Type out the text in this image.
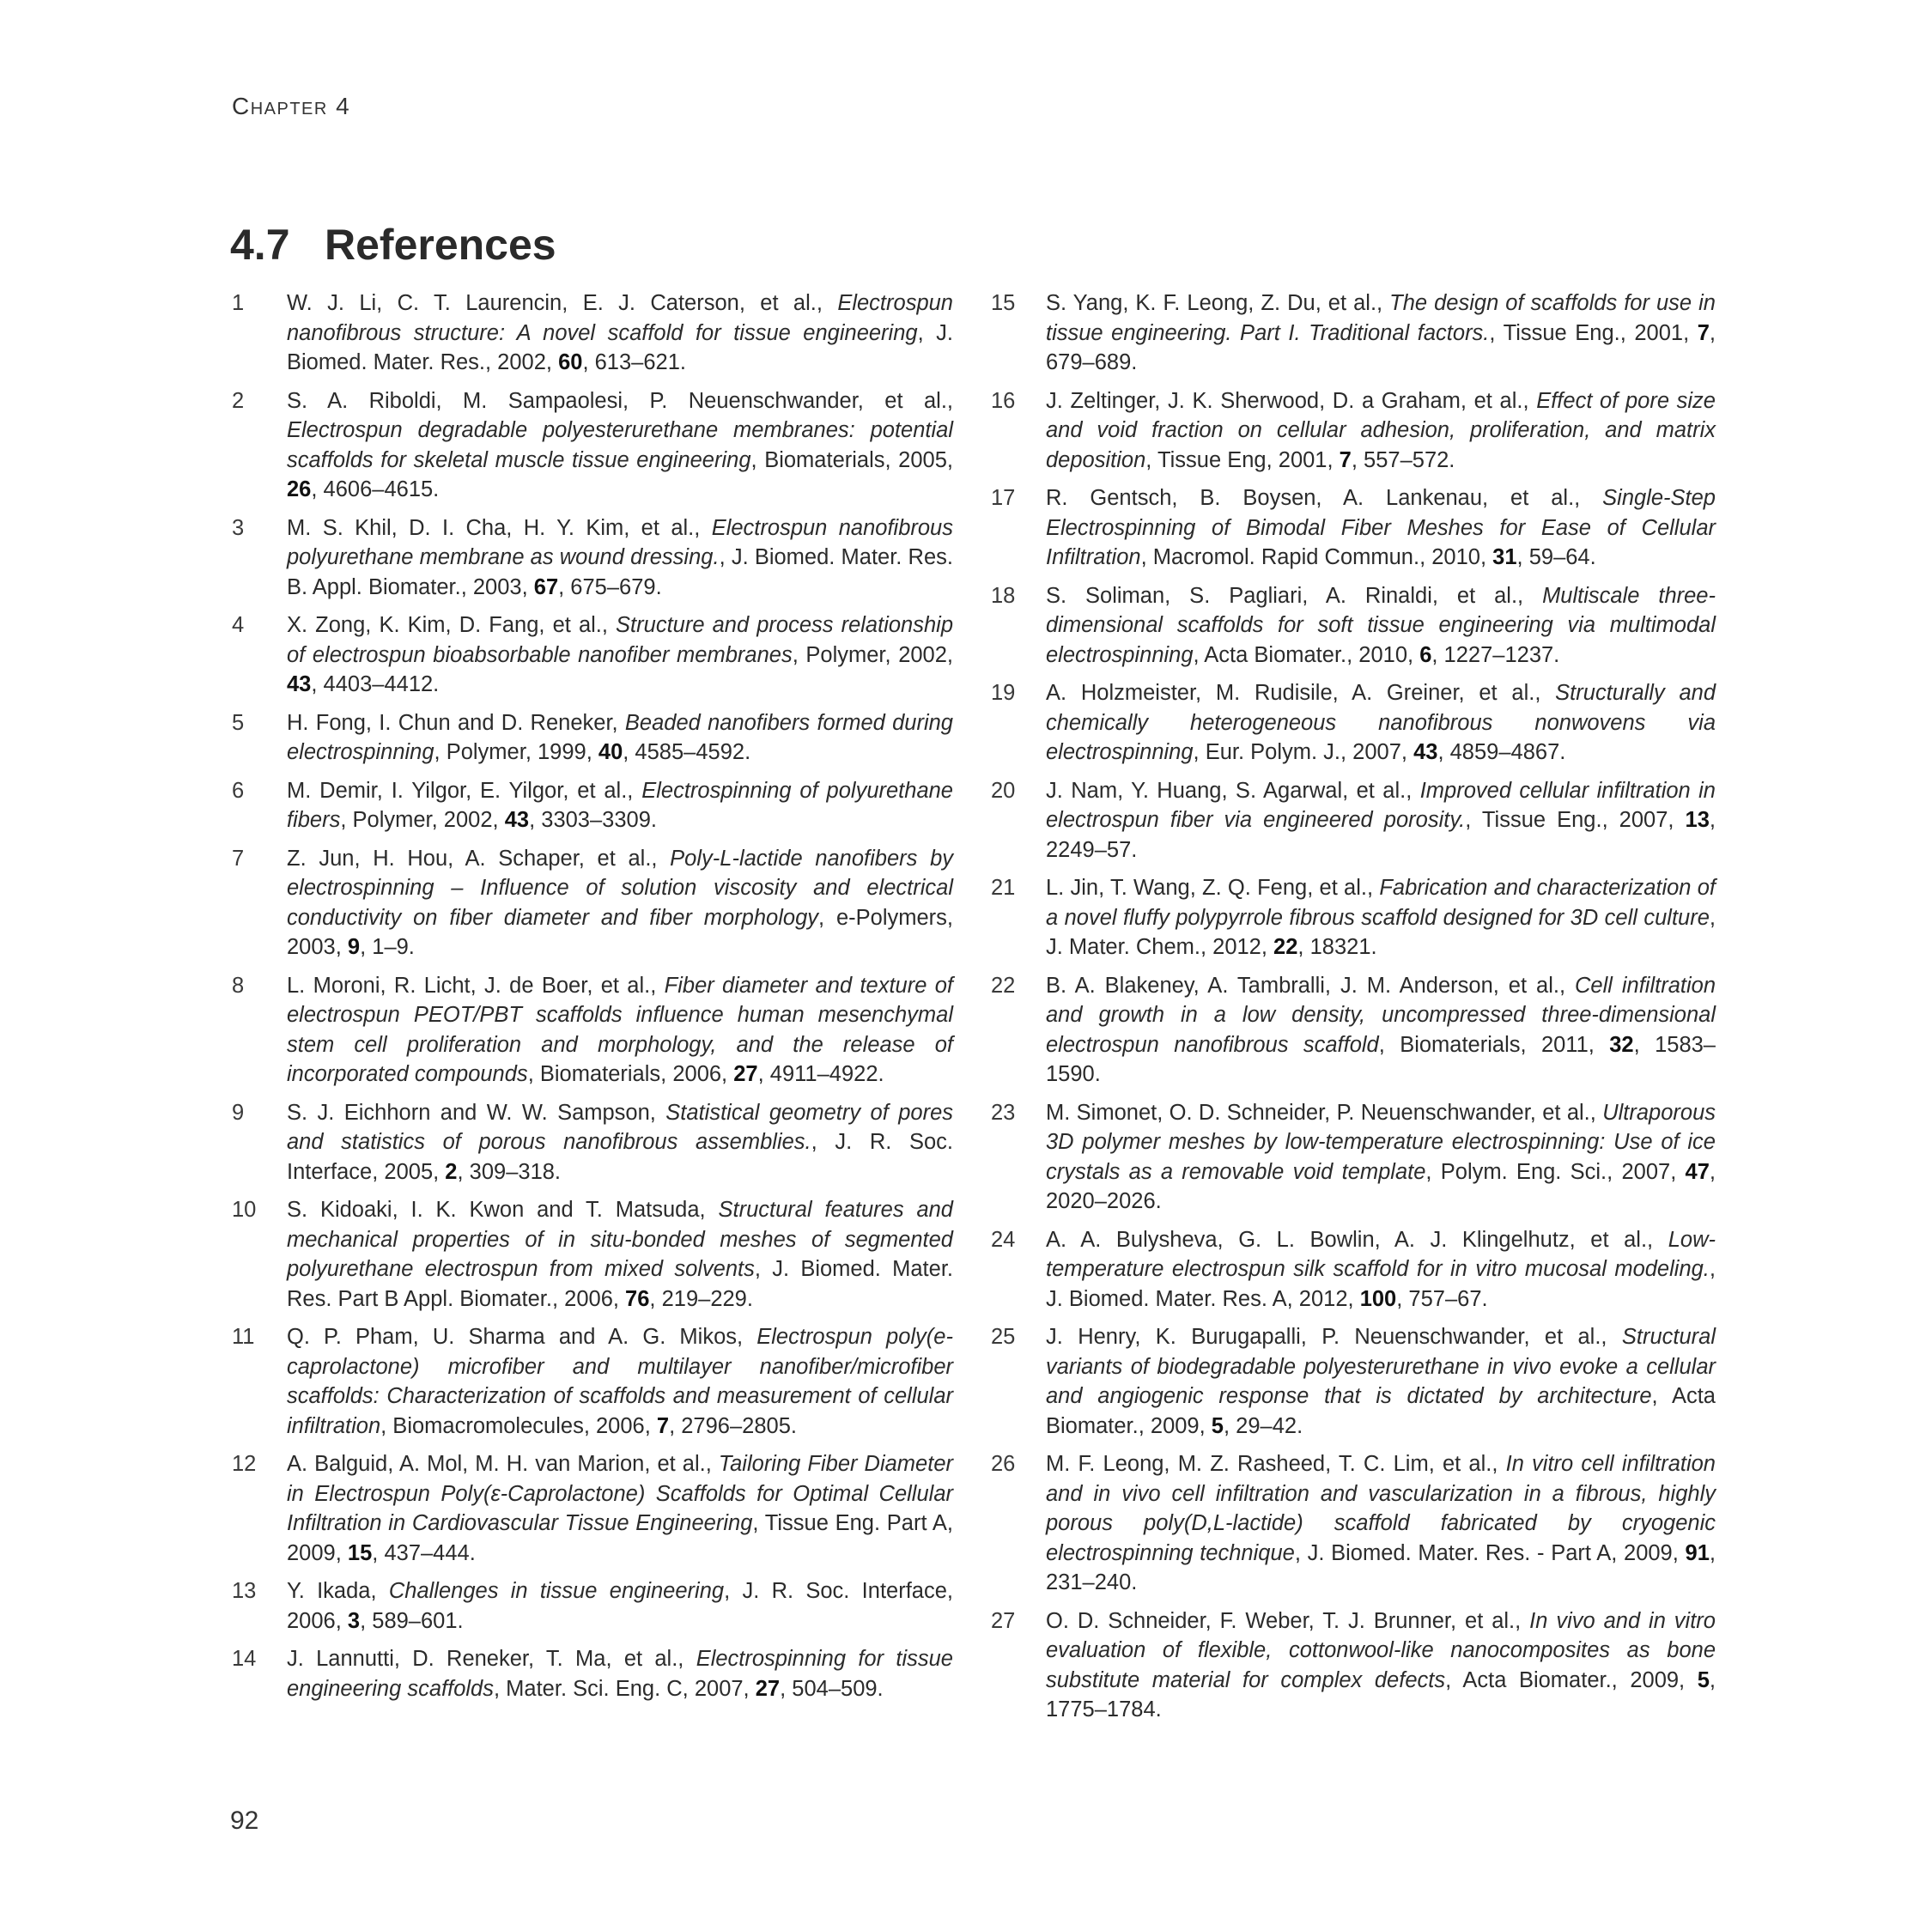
Chapter 4
4.7 References
1	W. J. Li, C. T. Laurencin, E. J. Caterson, et al., Electrospun nanofibrous structure: A novel scaffold for tissue engineering, J. Biomed. Mater. Res., 2002, 60, 613–621.
2	S. A. Riboldi, M. Sampaolesi, P. Neuenschwander, et al., Electrospun degradable polyesterurethane membranes: potential scaffolds for skeletal muscle tissue engineering, Biomaterials, 2005, 26, 4606–4615.
3	M. S. Khil, D. I. Cha, H. Y. Kim, et al., Electrospun nanofibrous polyurethane membrane as wound dressing., J. Biomed. Mater. Res. B. Appl. Biomater., 2003, 67, 675–679.
4	X. Zong, K. Kim, D. Fang, et al., Structure and process relationship of electrospun bioabsorbable nanofiber membranes, Polymer, 2002, 43, 4403–4412.
5	H. Fong, I. Chun and D. Reneker, Beaded nanofibers formed during electrospinning, Polymer, 1999, 40, 4585–4592.
6	M. Demir, I. Yilgor, E. Yilgor, et al., Electrospinning of polyurethane fibers, Polymer, 2002, 43, 3303–3309.
7	Z. Jun, H. Hou, A. Schaper, et al., Poly-L-lactide nanofibers by electrospinning – Influence of solution viscosity and electrical conductivity on fiber diameter and fiber morphology, e-Polymers, 2003, 9, 1–9.
8	L. Moroni, R. Licht, J. de Boer, et al., Fiber diameter and texture of electrospun PEOT/PBT scaffolds influence human mesenchymal stem cell proliferation and morphology, and the release of incorporated compounds, Biomaterials, 2006, 27, 4911–4922.
9	S. J. Eichhorn and W. W. Sampson, Statistical geometry of pores and statistics of porous nanofibrous assemblies., J. R. Soc. Interface, 2005, 2, 309–318.
10	S. Kidoaki, I. K. Kwon and T. Matsuda, Structural features and mechanical properties of in situ-bonded meshes of segmented polyurethane electrospun from mixed solvents, J. Biomed. Mater. Res. Part B Appl. Biomater., 2006, 76, 219–229.
11	Q. P. Pham, U. Sharma and A. G. Mikos, Electrospun poly(e-caprolactone) microfiber and multilayer nanofiber/microfiber scaffolds: Characterization of scaffolds and measurement of cellular infiltration, Biomacromolecules, 2006, 7, 2796–2805.
12	A. Balguid, A. Mol, M. H. van Marion, et al., Tailoring Fiber Diameter in Electrospun Poly(ε-Caprolactone) Scaffolds for Optimal Cellular Infiltration in Cardiovascular Tissue Engineering, Tissue Eng. Part A, 2009, 15, 437–444.
13	Y. Ikada, Challenges in tissue engineering, J. R. Soc. Interface, 2006, 3, 589–601.
14	J. Lannutti, D. Reneker, T. Ma, et al., Electrospinning for tissue engineering scaffolds, Mater. Sci. Eng. C, 2007, 27, 504–509.
15	S. Yang, K. F. Leong, Z. Du, et al., The design of scaffolds for use in tissue engineering. Part I. Traditional factors., Tissue Eng., 2001, 7, 679–689.
16	J. Zeltinger, J. K. Sherwood, D. a Graham, et al., Effect of pore size and void fraction on cellular adhesion, proliferation, and matrix deposition, Tissue Eng, 2001, 7, 557–572.
17	R. Gentsch, B. Boysen, A. Lankenau, et al., Single-Step Electrospinning of Bimodal Fiber Meshes for Ease of Cellular Infiltration, Macromol. Rapid Commun., 2010, 31, 59–64.
18	S. Soliman, S. Pagliari, A. Rinaldi, et al., Multiscale three-dimensional scaffolds for soft tissue engineering via multimodal electrospinning, Acta Biomater., 2010, 6, 1227–1237.
19	A. Holzmeister, M. Rudisile, A. Greiner, et al., Structurally and chemically heterogeneous nanofibrous nonwovens via electrospinning, Eur. Polym. J., 2007, 43, 4859–4867.
20	J. Nam, Y. Huang, S. Agarwal, et al., Improved cellular infiltration in electrospun fiber via engineered porosity., Tissue Eng., 2007, 13, 2249–57.
21	L. Jin, T. Wang, Z. Q. Feng, et al., Fabrication and characterization of a novel fluffy polypyrrole fibrous scaffold designed for 3D cell culture, J. Mater. Chem., 2012, 22, 18321.
22	B. A. Blakeney, A. Tambralli, J. M. Anderson, et al., Cell infiltration and growth in a low density, uncompressed three-dimensional electrospun nanofibrous scaffold, Biomaterials, 2011, 32, 1583–1590.
23	M. Simonet, O. D. Schneider, P. Neuenschwander, et al., Ultraporous 3D polymer meshes by low-temperature electrospinning: Use of ice crystals as a removable void template, Polym. Eng. Sci., 2007, 47, 2020–2026.
24	A. A. Bulysheva, G. L. Bowlin, A. J. Klingelhutz, et al., Low-temperature electrospun silk scaffold for in vitro mucosal modeling., J. Biomed. Mater. Res. A, 2012, 100, 757–67.
25	J. Henry, K. Burugapalli, P. Neuenschwander, et al., Structural variants of biodegradable polyesterurethane in vivo evoke a cellular and angiogenic response that is dictated by architecture, Acta Biomater., 2009, 5, 29–42.
26	M. F. Leong, M. Z. Rasheed, T. C. Lim, et al., In vitro cell infiltration and in vivo cell infiltration and vascularization in a fibrous, highly porous poly(D,L-lactide) scaffold fabricated by cryogenic electrospinning technique, J. Biomed. Mater. Res. - Part A, 2009, 91, 231–240.
27	O. D. Schneider, F. Weber, T. J. Brunner, et al., In vivo and in vitro evaluation of flexible, cottonwool-like nanocomposites as bone substitute material for complex defects, Acta Biomater., 2009, 5, 1775–1784.
92
